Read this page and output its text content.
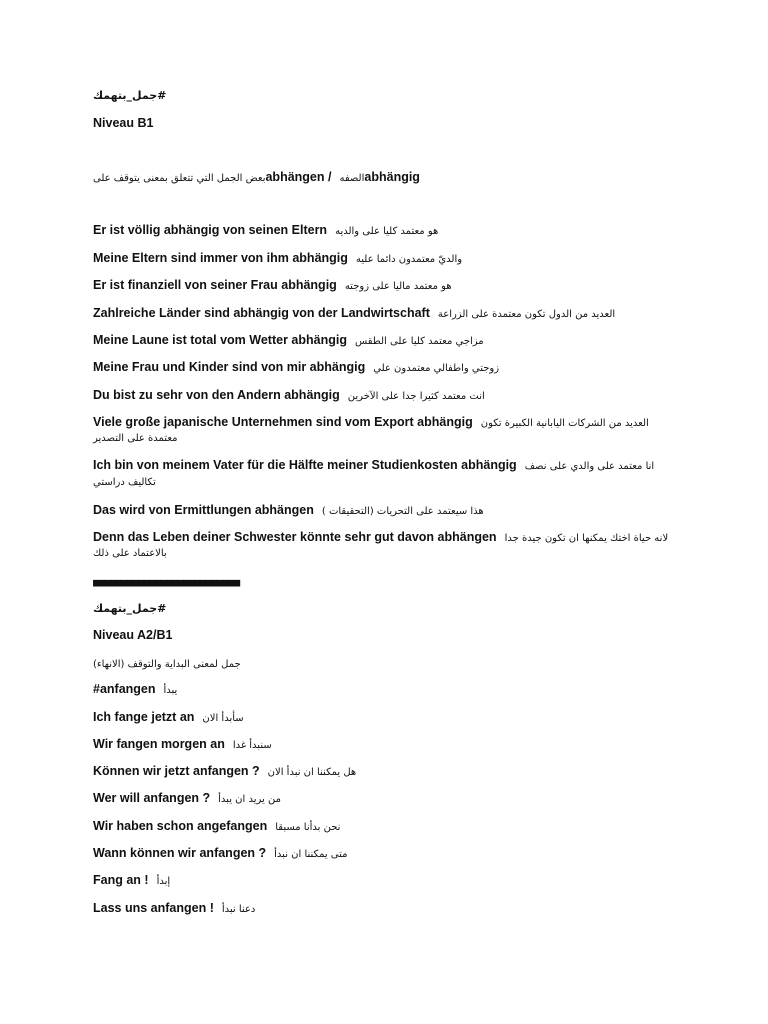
#جمل_بتهمك
Niveau B1
بعض الجمل التي تتعلق بمعنى يتوقف علىabhängen / الصفهabhängig
Er ist völlig abhängig von seinen Eltern هو معتمد كليا على والديه
Meine Eltern sind immer von ihm abhängig والديّ معتمدون دائما عليه
Er ist finanziell von seiner Frau abhängig هو معتمد ماليا على زوجته
Zahlreiche Länder sind abhängig von der Landwirtschaft العديد من الدول تكون معتمدة على الزراعة
Meine Laune ist total vom Wetter abhängig مزاجي معتمد كليا على الطقس
Meine Frau und Kinder sind von mir abhängig زوجتي واطفالي معتمدون علي
Du bist zu sehr von den Andern abhängig انت معتمد كثيرا جدا على الآخرين
Viele große japanische Unternehmen sind vom Export abhängig العديد من الشركات اليابانية الكبيرة تكون
معتمدة على التصدير
Ich bin von meinem Vater für die Hälfte meiner Studienkosten abhängig انا معتمد على والدي على نصف
تكاليف دراستي
Das wird von Ermittlungen abhängen هذا سيعتمد على التحريات (التحقيقات )
Denn das Leben deiner Schwester könnte sehr gut davon abhängen لانه حياة اختك يمكنها ان تكون جيدة جدا
بالاعتماد على ذلك
■■■■■■■■■■■■■■■■■■■■■■■■■■
#جمل_بتهمك
Niveau A2/B1
جمل لمعنى البداية والتوقف (الانهاء)
#anfangen يبدأ
Ich fange jetzt an سأبدأ الان
Wir fangen morgen an سنبدأ غدا
Können wir jetzt anfangen ? هل يمكننا ان نبدأ الان
Wer will anfangen ? من يريد ان يبدأ
Wir haben schon angefangen نحن بدأنا مسبقا
Wann können wir anfangen ? متى يمكننا ان نبدأ
Fang an ! إبدأ
Lass uns anfangen ! دعنا نبدأ
